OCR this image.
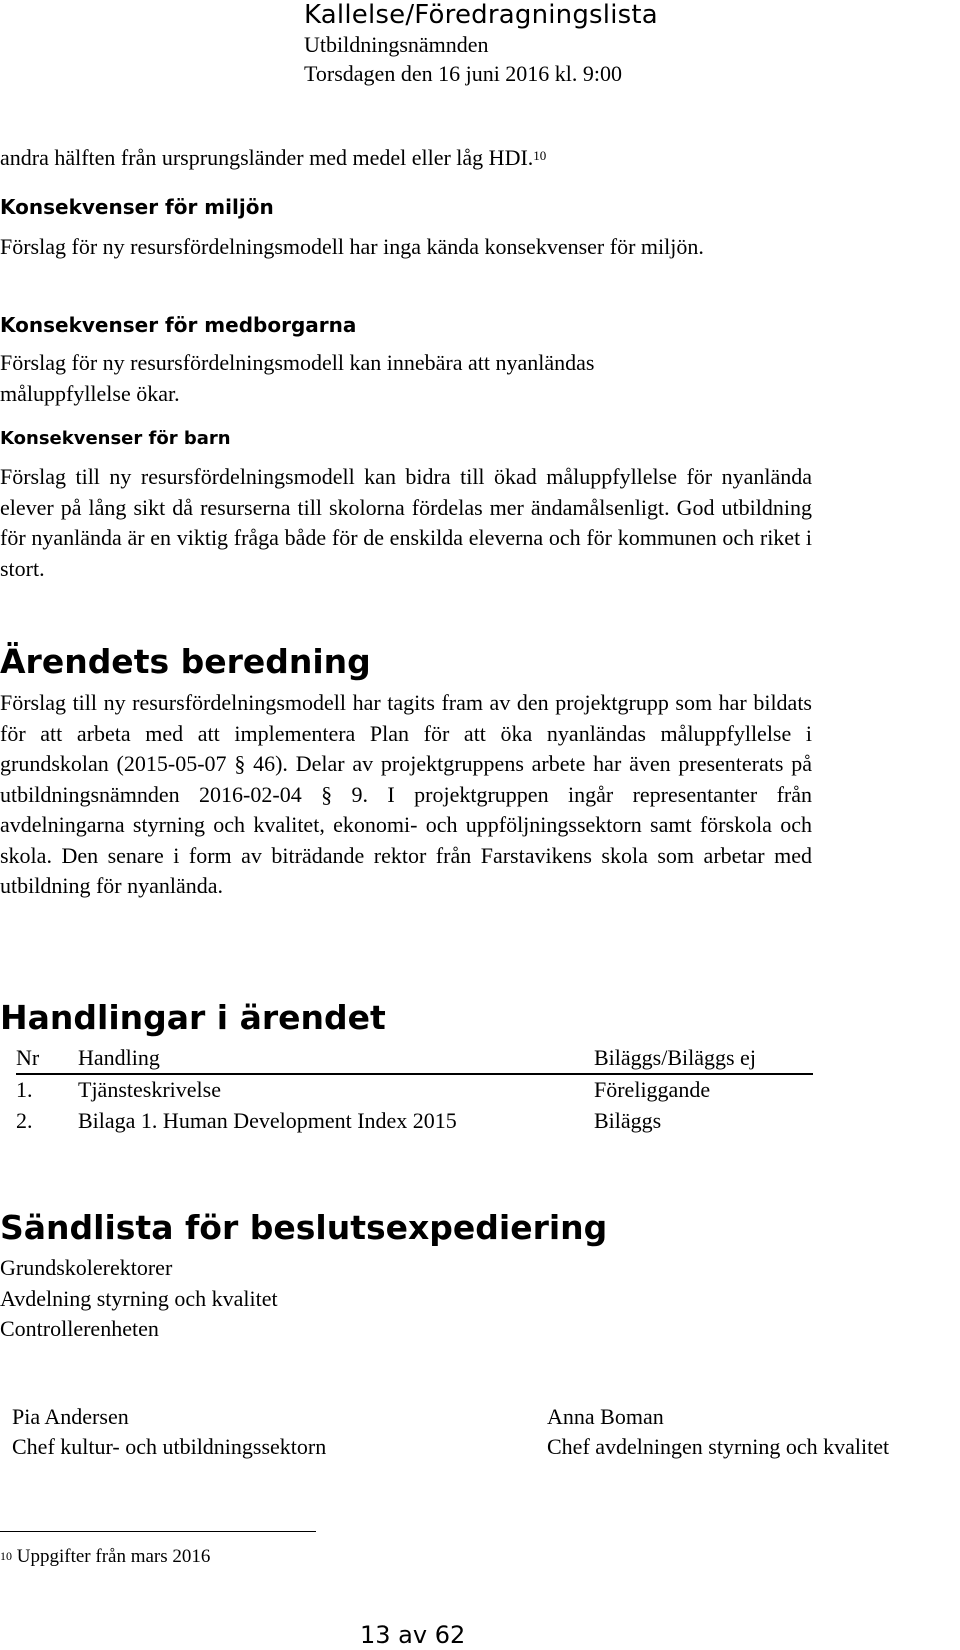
Kallelse/Föredragningslista
Utbildningsnämnden
Torsdagen den 16 juni 2016 kl. 9:00
andra hälften från ursprungsländer med medel eller låg HDI.$^{10}$
Konsekvenser för miljön

Förslag för ny resursfördelningsmodell har inga kända konsekvenser för miljön.

Konsekvenser för medborgarna

Förslag för ny resursfördelningsmodell kan innebära att nyanländas måluppfyllelse ökar.

Konsekvenser för barn

Förslag till ny resursfördelningsmodell kan bidra till ökad måluppfyllelse för nyanlända elever på lång sikt då resurserna till skolorna fördelas mer ändamålsenligt. God utbildning för nyanlända är en viktig fråga både för de enskilda eleverna och för kommunen och riket i stort.

Ärendets beredning

Förslag till ny resursfördelningsmodell har tagits fram av den projektgrupp som har bildats för att arbeta med att implementera Plan för att öka nyanländas måluppfyllelse i grundskolan (2015-05-07 § 46). Delar av projektgruppens arbete har även presenterats på utbildningsnämnden 2016-02-04 § 9. I projektgruppen ingår representanter från avdelningarna styrning och kvalitet, ekonomi- och uppföljningssektorn samt förskola och skola. Den senare i form av biträdande rektor från Farstavikens skola som arbetar med utbildning för nyanlända.

Handlingar i ärendet
Nr Handling	Biläggs/Biläggs ej
1. Tjänsteskrivelse	Föreliggande
2. Bilaga 1. Human Development Index 2015	Biläggs
Sändlista för beslutsexpediering
Grundskolerektorer
Avdelning styrning och kvalitet
Controllerenheten
Pia Andersen
Chef kultur- och utbildningssektorn
Anna Boman
Chef avdelningen styrning och kvalitet
$^{10}$ Uppgifter från mars 2016
13 av 62
